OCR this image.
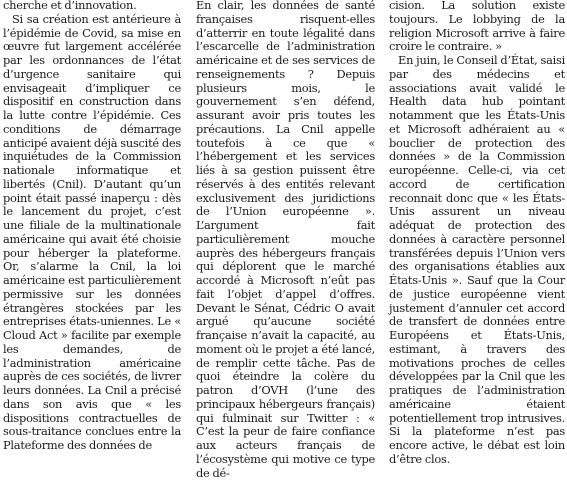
cherche et d’innovation.

Si sa création est antérieure à l’épidémie de Covid, sa mise en œuvre fut largement accélérée par les ordonnances de l’état d’urgence sanitaire qui envisageait d’impliquer ce dispositif en construction dans la lutte contre l’épidémie. Ces conditions de démarrage anticipé avaient déjà suscité des inquiétudes de la Commission nationale informatique et libertés (Cnil). D’autant qu’un point était passé inaperçu : dès le lancement du projet, c’est une filiale de la multinationale américaine qui avait été choisie pour héberger la plateforme. Or, s’alarme la Cnil, la loi américaine est particulièrement permissive sur les données étrangères stockées par les entreprises états-uniennes. Le « Cloud Act » facilite par exemple les demandes, de l’administration américaine auprès de ces sociétés, de livrer leurs données. La Cnil a précisé dans son avis que « les dispositions contractuelles de sous-traitance conclues entre la Plateforme des données de

En clair, les données de santé françaises risquent-elles d’atterrir en toute légalité dans l’escarcelle de l’administration américaine et de ses services de renseignements ? Depuis plusieurs mois, le gouvernement s’en défend, assurant avoir pris toutes les précautions. La Cnil appelle toutefois à ce que « l’hébergement et les services liés à sa gestion puissent être réservés à des entités relevant exclusivement des juridictions de l’Union européenne ». L’argument fait particulièrement mouche auprès des hébergeurs français qui déplorent que le marché accordé à Microsoft n’eût pas fait l’objet d’appel d’offres. Devant le Sénat, Cédric O avait argué qu’aucune société française n’avait la capacité, au moment où le projet a été lancé, de remplir cette tâche. Pas de quoi éteindre la colère du patron d’OVH (l’une des principaux hébergeurs français) qui fulminait sur Twitter : « C’est la peur de faire confiance aux acteurs français de l’écosystème qui motive ce type de dé-

cision. La solution existe toujours. Le lobbying de la religion Microsoft arrive à faire croire le contraire. »

En juin, le Conseil d’État, saisi par des médecins et associations avait validé le Health data hub pointant notamment que les États-Unis et Microsoft adhéraient au « bouclier de protection des données » de la Commission européenne. Celle-ci, via cet accord de certification reconnait donc que « les États-Unis assurent un niveau adéquat de protection des données à caractère personnel transférées depuis l’Union vers des organisations établies aux États-Unis ». Sauf que la Cour de justice européenne vient justement d’annuler cet accord de transfert de données entre Européens et États-Unis, estimant, à travers des motivations proches de celles développées par la Cnil que les pratiques de l’administration américaine étaient potentiellement trop intrusives. Si la plateforme n’est pas encore active, le débat est loin d’être clos.
